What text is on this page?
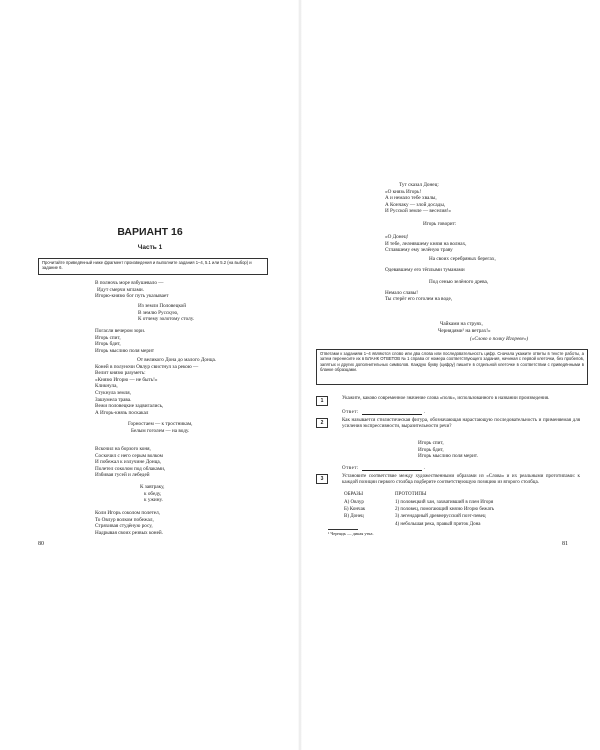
ВАРИАНТ 16
Часть 1
Прочитайте приведённый ниже фрагмент произведения и выполните задания 1–4, 5.1 или 5.2 (на выбор) и задание 6.
В полночь море взбушевало —
Идут смерчи мглами.
Игорю-князю бог путь указывает
Из земли Половецкой
В землю Русскую,
К отчему золотому столу.
Погасли вечером зори.
Игорь спит,
Игорь бдит,
Игорь мыслию поля мерит
От великого Дона до малого Донца.
Коней в полуночи Овлур свистнул за рекою —
Велит князю разуметь:
«Князю Игорю — не быть!»
Кликнула,
Стукнула земля,
Зашумела трава.
Вежи половецкие задвигались,
А Игорь-князь поскакал
Горностаем — к тростникам,
Белым гоголем — на воду.
Вскочил на борзого коня,
Соскочил с него серым волком
И побежал к излучине Донца,
Полетел соколом под облаками,
Избивая гусей и лебедей
К завтраку,
к обеду,
к ужину.
Коли Игорь соколом полетел,
То Овлур волком побежал,
Стряхивая студёную росу,
Надрывая своих резвых коней.
80
Тут сказал Донец:
«О князь Игорь!
А и немало тебе хвалы,
А Кончаку — злой досады,
И Русской земле — веселия!»
Игорь говорит:
«О Донец!
И тебе, лелеявшему князя на волнах,
Стлавшему ему зелёную траву
На своих серебряных берегах,
Одевавшему его тёплыми туманами
Под сенью зелёного древа,
Немало славы!
Ты стерёг его гоголем на воде,
Чайками на струях,
Чернядями¹ на ветрах!»
(«Слово о полку Игореве»)
Ответами к заданиям 1–4 являются слово или два слова или последовательность цифр. Сначала укажите ответы в тексте работы, а затем перенесите их в БЛАНК ОТВЕТОВ № 1 справа от номера соответствующего задания, начиная с первой клеточки, без пробелов, запятых и других дополнительных символов. Каждую букву (цифру) пишите в отдельной клеточке в соответствии с приведёнными в бланке образцами.
1	Укажите, каково современное значение слова «полк», использованного в названии произведения.
Ответ:	.
2	Как называется стилистическая фигура, обозначающая нарастающую последовательность и применяемая для усиления экспрессивности, выразительности речи?
Игорь спит,
Игорь бдит,
Игорь мыслию поля мерит.
Ответ:	.
3	Установите соответствие между художественными образами из «Слова» и их реальными прототипами: к каждой позиции первого столбца подберите соответствующую позицию из второго столбца.
ОБРАЗЫ	ПРОТОТИПЫ
А) Овлур
Б) Кончак
В) Донец
1) половецкий хан, захвативший в плен Игоря
2) половец, помогающий князю Игорю бежать
3) легендарный древнерусский поэт-певец
4) небольшая река, правый приток Дона
¹ Чернядь — дикая утка.
81
